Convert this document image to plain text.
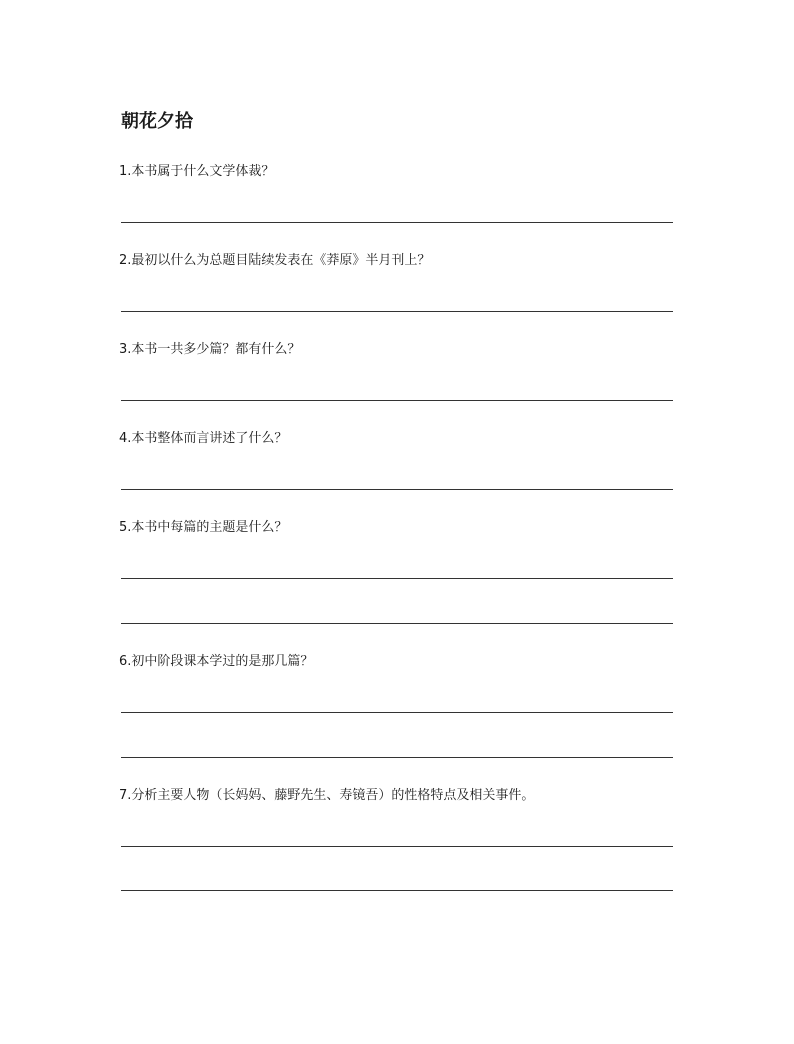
朝花夕拾
1.本书属于什么文学体裁？
2.最初以什么为总题目陆续发表在《莽原》半月刊上？
3.本书一共多少篇？都有什么？
4.本书整体而言讲述了什么？
5.本书中每篇的主题是什么？
6.初中阶段课本学过的是那几篇？
7.分析主要人物（长妈妈、藤野先生、寿镜吾）的性格特点及相关事件。
